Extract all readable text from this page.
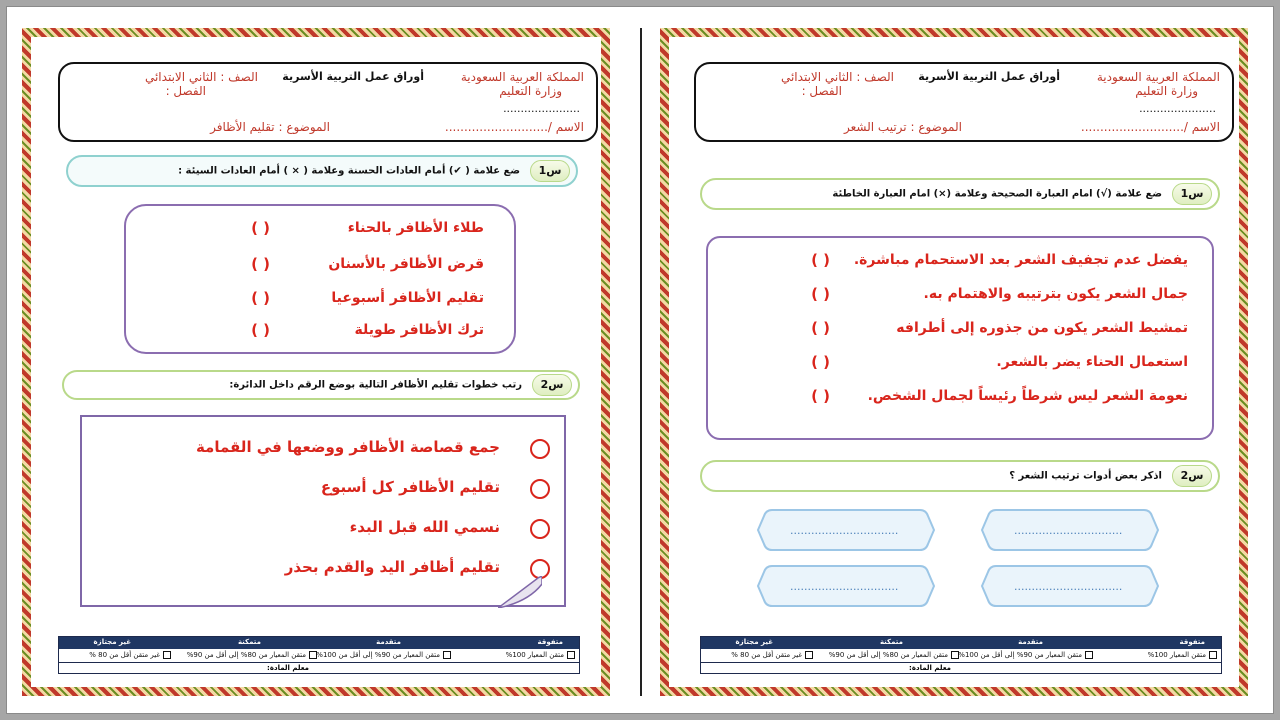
المملكة العربية السعودية
وزارة التعليم
أوراق عمل التربية الأسرية
الصف : الثاني الابتدائي
الفصل :
......................
الاسم /...........................
الموضوع : تقليم الأظافر
س1
ضع علامة ( ✔) أمام العادات الحسنة وعلامة ( × ) أمام العادات السيئة :
طلاء الأظافر بالحناء
( )
قرض الأظافر بالأسنان
( )
تقليم الأظافر أسبوعيا
( )
ترك الأظافر طويلة
( )
س2
رتب خطوات تقليم الأظافر التالية بوضع الرقم داخل الدائرة:
جمع قصاصة الأظافر ووضعها في القمامة
تقليم الأظافر كل أسبوع
نسمي الله قبل البدء
تقليم أظافر اليد والقدم بحذر
متفوقة
متقدمة
متمكنة
غير مجتازة
متقن المعيار 100%
متقن المعيار من 90% إلى أقل من 100%
متقن المعيار من 80% إلى أقل من 90%
غير متقن أقل من 80 %
معلم المادة:
المملكة العربية السعودية
وزارة التعليم
أوراق عمل التربية الأسرية
الصف : الثاني الابتدائي
الفصل :
......................
الاسم /...........................
الموضوع : ترتيب الشعر
س1
ضع علامة (√) امام العبارة الصحيحة وعلامة (×) امام العبارة الخاطئة
يفضل عدم تجفيف الشعر بعد الاستحمام مباشرة.
( )
جمال الشعر يكون بترتيبه والاهتمام به.
( )
تمشيط الشعر يكون من جذوره إلى أطرافه
( )
استعمال الحناء يضر بالشعر.
( )
نعومة الشعر ليس شرطاً رئيساً لجمال الشخص.
( )
س2
اذكر بعض أدوات ترتيب الشعر ؟
...............................
...............................
...............................
...............................
متفوقة
متقدمة
متمكنة
غير مجتازة
متقن المعيار 100%
متقن المعيار من 90% إلى أقل من 100%
متقن المعيار من 80% إلى أقل من 90%
غير متقن أقل من 80 %
معلم المادة:
